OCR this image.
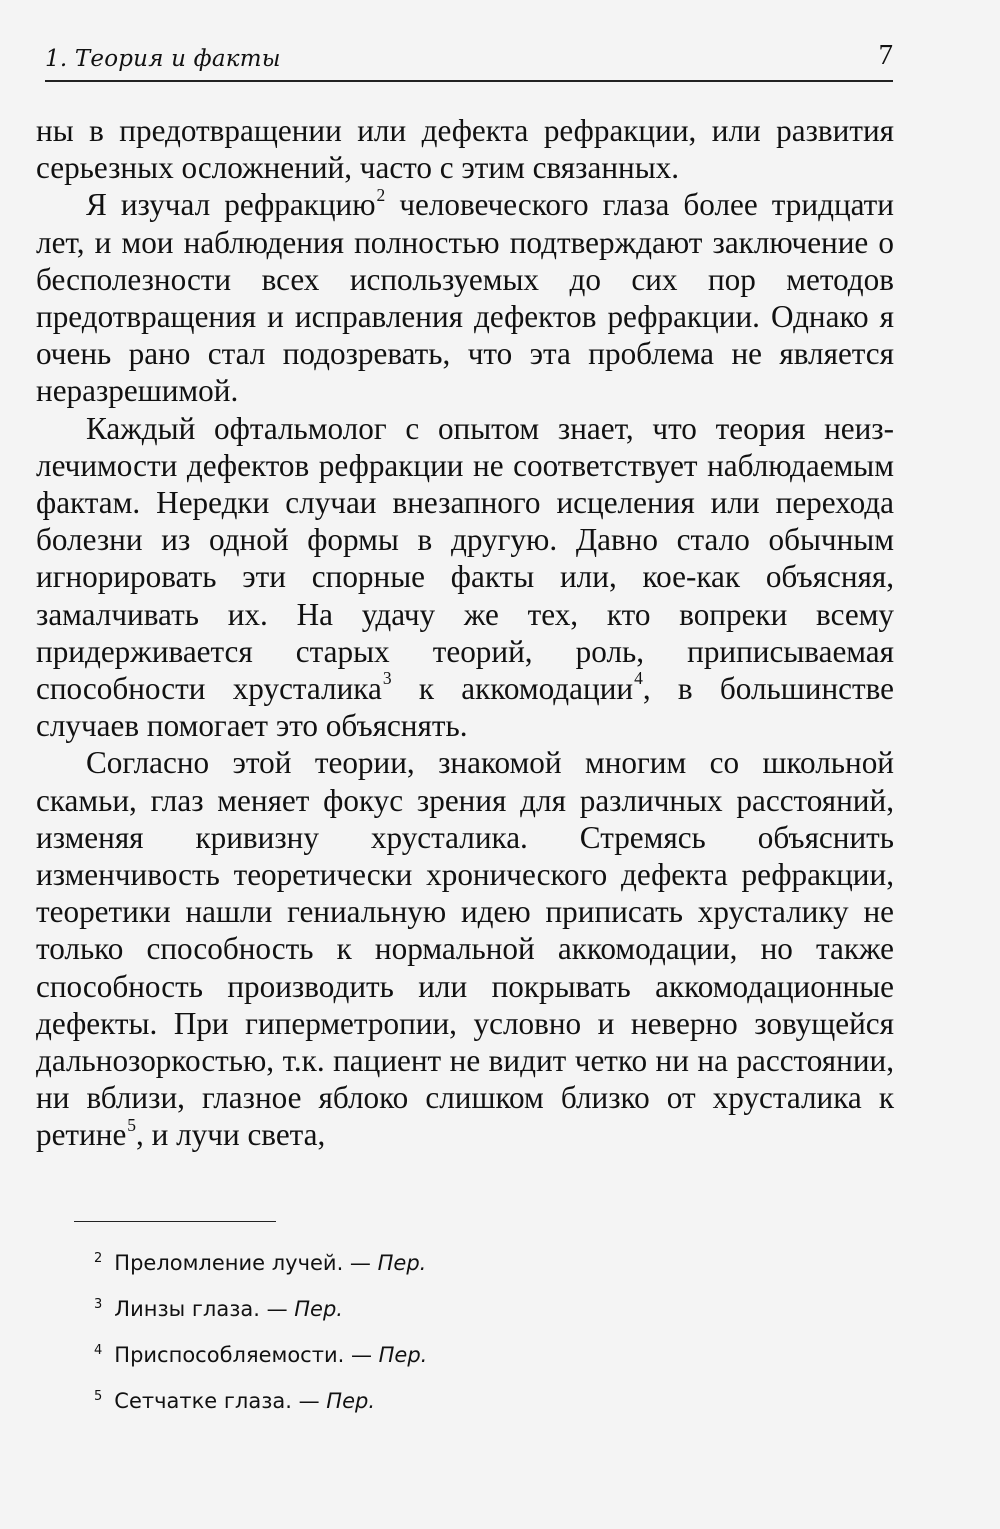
1. Теория и факты	7

ны в предотвращении или дефекта рефракции, или развития серьезных осложнений, часто с этим связанных.

Я изучал рефракцию$^2$ человеческого глаза более тридцати лет, и мои наблюдения полностью подтверждают заключение о бесполезности всех используемых до сих пор методов предотвращения и исправления дефектов рефракции. Однако я очень рано стал подозревать, что эта проблема не является неразрешимой.

Каждый офтальмолог с опытом знает, что теория неизлечимости дефектов рефракции не соответствует наблюдаемым фактам. Нередки случаи внезапного исцеления или перехода болезни из одной формы в другую. Давно стало обычным игнорировать эти спорные факты или, кое-как объясняя, замалчивать их. На удачу же тех, кто вопреки всему придерживается старых теорий, роль, приписываемая способности хрусталика$^3$ к аккомодации$^4$, в большинстве случаев помогает это объяснять.

Согласно этой теории, знакомой многим со школьной скамьи, глаз меняет фокус зрения для различных расстояний, изменяя кривизну хрусталика. Стремясь объяснить изменчивость теоретически хронического дефекта рефракции, теоретики нашли гениальную идею приписать хрусталику не только способность к нормальной аккомодации, но также способность производить или покрывать аккомодационные дефекты. При гиперметропии, условно и неверно зовущейся дальнозоркостью, т.к. пациент не видит четко ни на расстоянии, ни вблизи, глазное яблоко слишком близко от хрусталика к ретине$^5$, и лучи света,

$^2$ Преломление лучей. — Пер.
$^3$ Линзы глаза. — Пер.
$^4$ Приспособляемости. — Пер.
$^5$ Сетчатке глаза. — Пер.
